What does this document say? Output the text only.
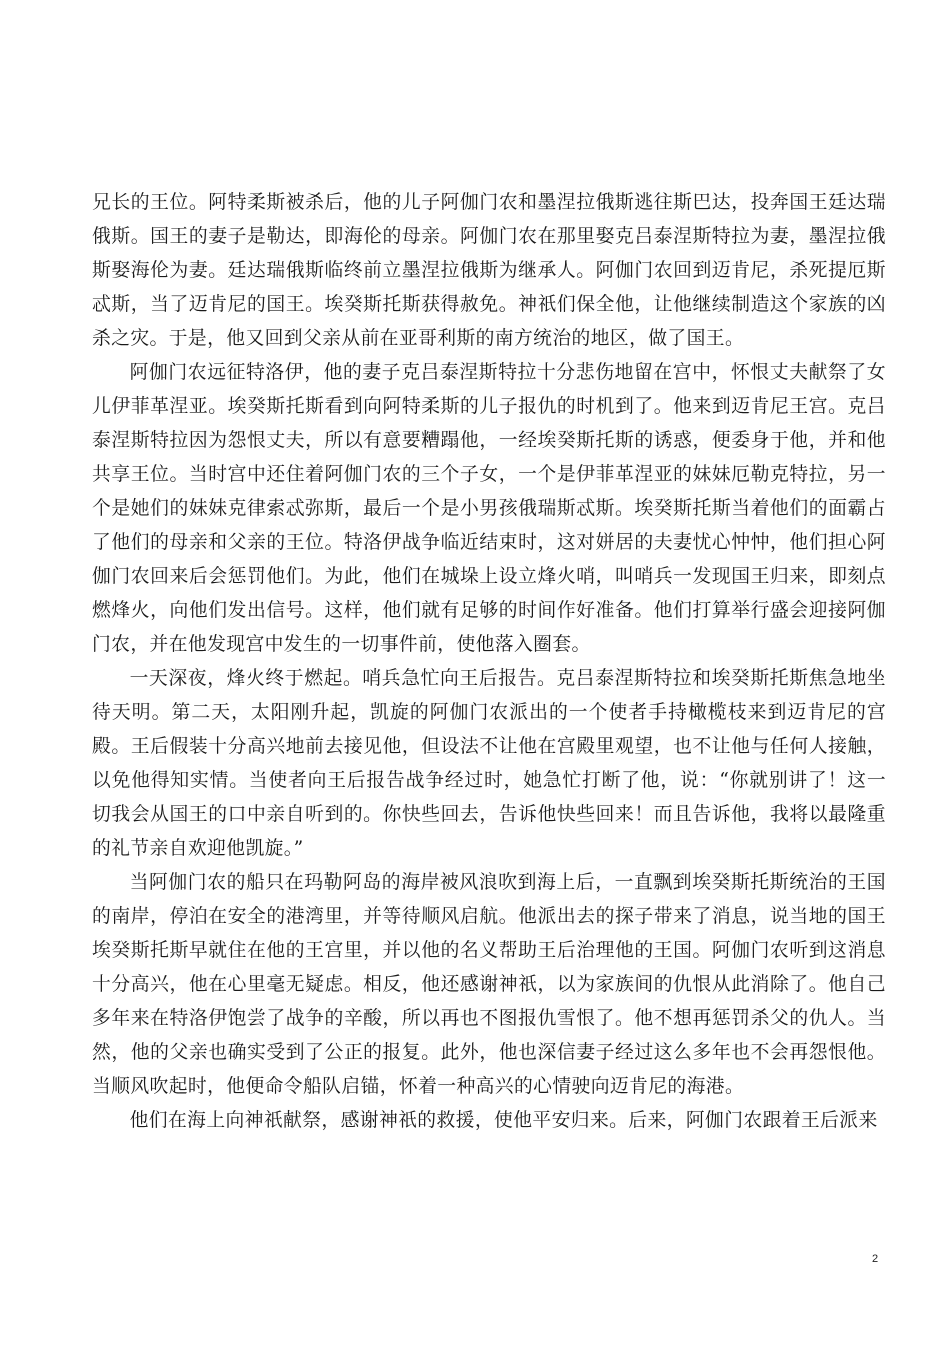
兄长的王位。阿特柔斯被杀后，他的儿子阿伽门农和墨涅拉俄斯逃往斯巴达，投奔国王廷达瑞俄斯。国王的妻子是勒达，即海伦的母亲。阿伽门农在那里娶克吕泰涅斯特拉为妻，墨涅拉俄斯娶海伦为妻。廷达瑞俄斯临终前立墨涅拉俄斯为继承人。阿伽门农回到迈肯尼，杀死提厄斯忒斯，当了迈肯尼的国王。埃癸斯托斯获得赦免。神祇们保全他，让他继续制造这个家族的凶杀之灾。于是，他又回到父亲从前在亚哥利斯的南方统治的地区，做了国王。

阿伽门农远征特洛伊，他的妻子克吕泰涅斯特拉十分悲伤地留在宫中，怀恨丈夫献祭了女儿伊菲革涅亚。埃癸斯托斯看到向阿特柔斯的儿子报仇的时机到了。他来到迈肯尼王宫。克吕泰涅斯特拉因为怨恨丈夫，所以有意要糟蹋他，一经埃癸斯托斯的诱惑，便委身于他，并和他共享王位。当时宫中还住着阿伽门农的三个子女，一个是伊菲革涅亚的妹妹厄勒克特拉，另一个是她们的妹妹克律索忒弥斯，最后一个是小男孩俄瑞斯忒斯。埃癸斯托斯当着他们的面霸占了他们的母亲和父亲的王位。特洛伊战争临近结束时，这对姘居的夫妻忧心忡忡，他们担心阿伽门农回来后会惩罚他们。为此，他们在城垛上设立烽火哨，叫哨兵一发现国王归来，即刻点燃烽火，向他们发出信号。这样，他们就有足够的时间作好准备。他们打算举行盛会迎接阿伽门农，并在他发现宫中发生的一切事件前，使他落入圈套。

一天深夜，烽火终于燃起。哨兵急忙向王后报告。克吕泰涅斯特拉和埃癸斯托斯焦急地坐待天明。第二天，太阳刚升起，凯旋的阿伽门农派出的一个使者手持橄榄枝来到迈肯尼的宫殿。王后假装十分高兴地前去接见他，但设法不让他在宫殿里观望，也不让他与任何人接触，以免他得知实情。当使者向王后报告战争经过时，她急忙打断了他，说：“你就别讲了！这一切我会从国王的口中亲自听到的。你快些回去，告诉他快些回来！而且告诉他，我将以最隆重的礼节亲自欢迎他凯旋。”

当阿伽门农的船只在玛勒阿岛的海岸被风浪吹到海上后，一直飘到埃癸斯托斯统治的王国的南岸，停泊在安全的港湾里，并等待顺风启航。他派出去的探子带来了消息，说当地的国王埃癸斯托斯早就住在他的王宫里，并以他的名义帮助王后治理他的王国。阿伽门农听到这消息十分高兴，他在心里毫无疑虑。相反，他还感谢神祇，以为家族间的仇恨从此消除了。他自己多年来在特洛伊饱尝了战争的辛酸，所以再也不图报仇雪恨了。他不想再惩罚杀父的仇人。当然，他的父亲也确实受到了公正的报复。此外，他也深信妻子经过这么多年也不会再怨恨他。当顺风吹起时，他便命令船队启锚，怀着一种高兴的心情驶向迈肯尼的海港。

他们在海上向神祇献祭，感谢神祇的救援，使他平安归来。后来，阿伽门农跟着王后派来

2
